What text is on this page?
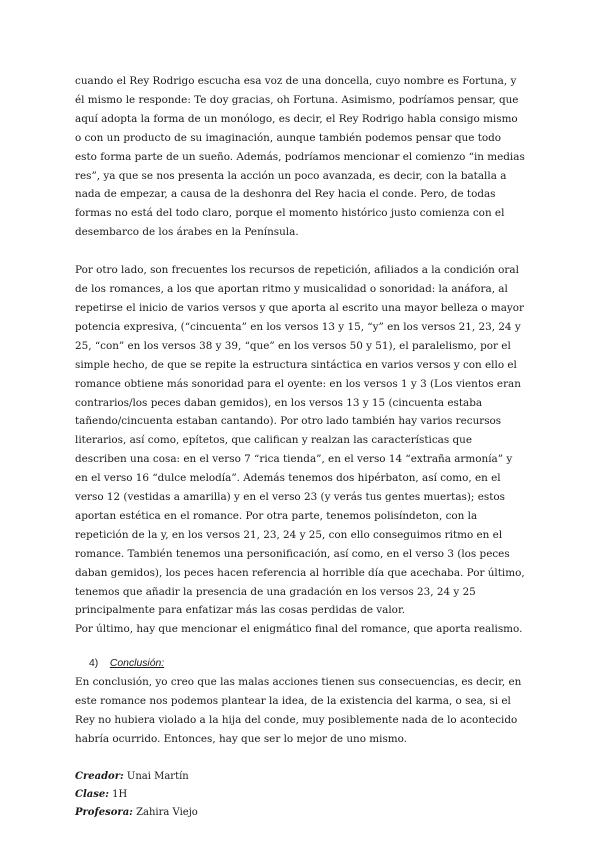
cuando el Rey Rodrigo escucha esa voz de una doncella, cuyo nombre es Fortuna, y él mismo le responde: Te doy gracias, oh Fortuna. Asimismo, podríamos pensar, que aquí adopta la forma de un monólogo, es decir, el Rey Rodrigo habla consigo mismo o con un producto de su imaginación, aunque también podemos pensar que todo esto forma parte de un sueño. Además, podríamos mencionar el comienzo “in medias res”, ya que se nos presenta la acción un poco avanzada, es decir, con la batalla a nada de empezar, a causa de la deshonra del Rey hacia el conde. Pero, de todas formas no está del todo claro, porque el momento histórico justo comienza con el desembarco de los árabes en la Península.

Por otro lado, son frecuentes los recursos de repetición, afiliados a la condición oral de los romances, a los que aportan ritmo y musicalidad o sonoridad: la anáfora, al repetirse el inicio de varios versos y que aporta al escrito una mayor belleza o mayor potencia expresiva, (“cincuenta” en los versos 13 y 15, “y” en los versos 21, 23, 24 y 25, “con” en los versos 38 y 39, “que” en los versos 50 y 51), el paralelismo, por el simple hecho, de que se repite la estructura sintáctica en varios versos y con ello el romance obtiene más sonoridad para el oyente: en los versos 1 y 3 (Los vientos eran contrarios/los peces daban gemidos), en los versos 13 y 15 (cincuenta estaba tañendo/cincuenta estaban cantando). Por otro lado también hay varios recursos literarios, así como, epítetos, que califican y realzan las características que describen una cosa: en el verso 7 “rica tienda”, en el verso 14 “extraña armonía” y en el verso 16 “dulce melodía”. Además tenemos dos hipérbaton, así como, en el verso 12 (vestidas a amarilla) y en el verso 23 (y verás tus gentes muertas); estos aportan estética en el romance. Por otra parte, tenemos polisíndeton, con la repetición de la y, en los versos 21, 23, 24 y 25, con ello conseguimos ritmo en el romance. También tenemos una personificación, así como, en el verso 3 (los peces daban gemidos), los peces hacen referencia al horrible día que acechaba. Por último, tenemos que añadir la presencia de una gradación en los versos 23, 24 y 25 principalmente para enfatizar más las cosas perdidas de valor.

Por último, hay que mencionar el enigmático final del romance, que aporta realismo.

4) Conclusión:

En conclusión, yo creo que las malas acciones tienen sus consecuencias, es decir, en este romance nos podemos plantear la idea, de la existencia del karma, o sea, si el Rey no hubiera violado a la hija del conde, muy posiblemente nada de lo acontecido habría ocurrido. Entonces, hay que ser lo mejor de uno mismo.

Creador: Unai Martín
Clase: 1H
Profesora: Zahira Viejo
